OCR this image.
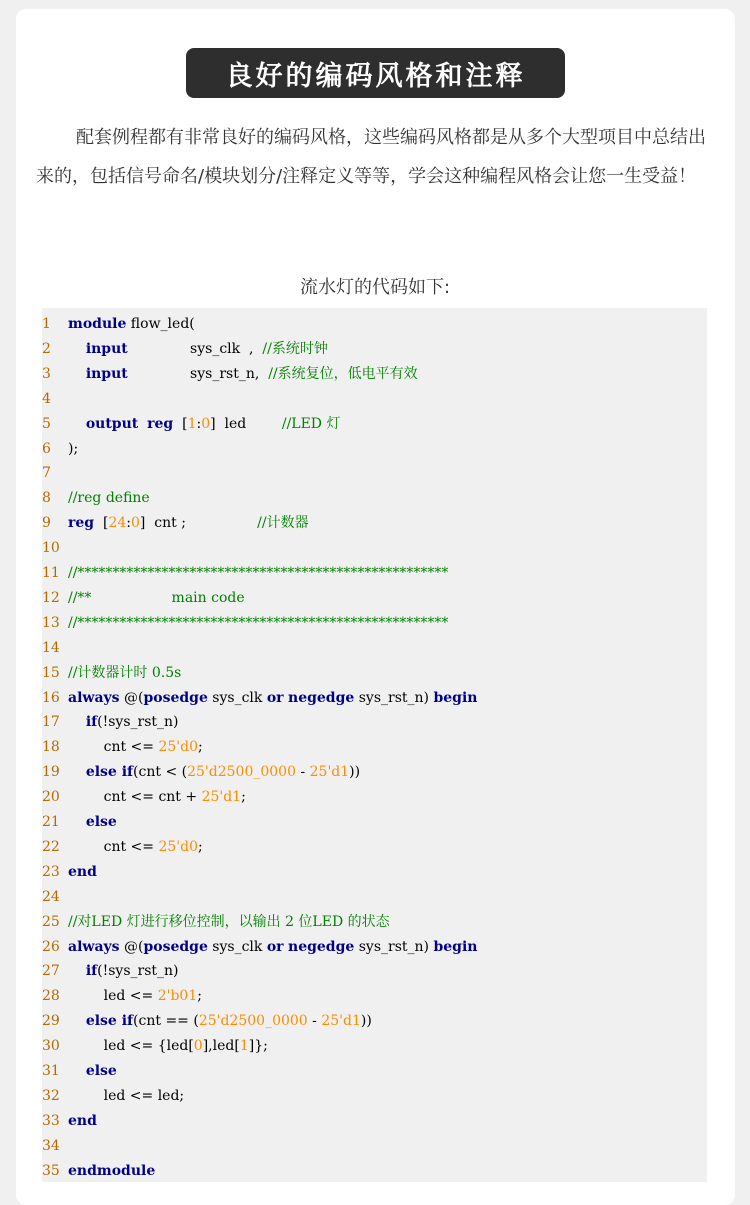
良好的编码风格和注释

配套例程都有非常良好的编码风格，这些编码风格都是从多个大型项目中总结出来的，包括信号命名/模块划分/注释定义等等，学会这种编程风格会让您一生受益！

流水灯的代码如下:
1	module flow_led(
2	input              sys_clk  ,  //系统时钟
3	input              sys_rst_n,  //系统复位，低电平有效
4
5	output reg  [1:0]  led        //LED 灯
6	);
7
8	//reg define
9	reg  [24:0]  cnt ;                //计数器
10
11 //*****************************************************
12 //**                  main code
13 //*****************************************************
14
15 //计数器计时 0.5s
16 always @(posedge sys_clk or negedge sys_rst_n) begin
17	if(!sys_rst_n)
18 cnt <= 25'd0;
19	else if(cnt < (25'd2500_0000 - 25'd1))
20 cnt <= cnt + 25'd1;
21	else
22 cnt <= 25'd0;
23 end
24
25 //对LED 灯进行移位控制，以输出 2 位LED 的状态
26 always @(posedge sys_clk or negedge sys_rst_n) begin
27	if(!sys_rst_n)
28 led <= 2'b01;
29	else if(cnt == (25'd2500_0000 - 25'd1))
30 led <= {led[0],led[1]};
31	else
32 led <= led;
33 end
34
35 endmodule
